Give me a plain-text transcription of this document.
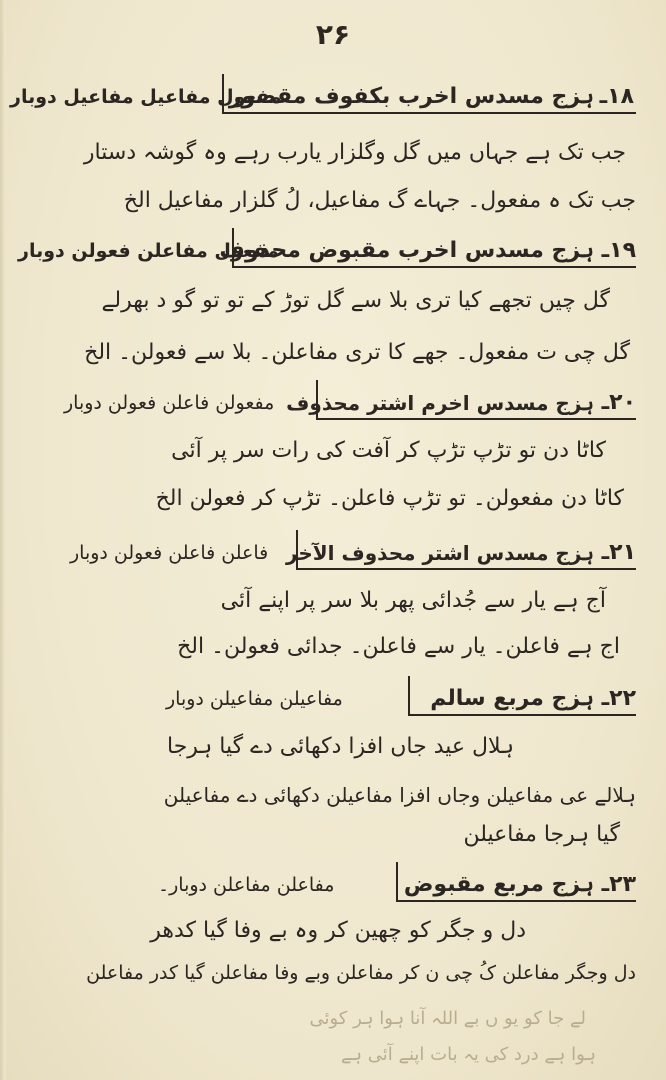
۲۶
۱۸ـ
ہزج مسدس اخرب بکفوف مقصور
مفعول مفاعیل مفاعیل دوبار
جب تک ہے جہاں میں گل وگلزار یارب رہے وہ گوشہ دستار
جب تک ہ مفعول۔ جہاے گ مفاعیل، لُ گلزار مفاعیل الخ
۱۹ـ
ہزج مسدس اخرب مقبوض محذوف
مفعول مفاعلن فعولن دوبار
گل چیں تجھے کیا تری بلا سے گل توڑ کے تو تو گو د بھرلے
گل چی ت مفعول۔ جھے کا تری مفاعلن۔ بلا سے فعولن۔ الخ
۲۰ـ
ہزج مسدس اخرم اشتر محذوف
مفعولن فاعلن فعولن دوبار
کاٹا دن تو تڑپ تڑپ کر آفت کی رات سر پر آئی
کاٹا دن مفعولن۔ تو تڑپ فاعلن۔ تڑپ کر فعولن الخ
۲۱ـ
ہزج مسدس اشتر محذوف الآخر
فاعلن فاعلن فعولن دوبار
آج ہے یار سے جُدائی پھر بلا سر پر اپنے آئی
اج ہے فاعلن۔ یار سے فاعلن۔ جدائی فعولن۔ الخ
۲۲ـ
ہزج مربع سالم
مفاعیلن مفاعیلن دوبار
ہلال عید جاں افزا دکھائی دے گیا ہرجا
ہلالے عی مفاعیلن وجاں افزا مفاعیلن دکھائی دے مفاعیلن
گیا ہرجا مفاعیلن
۲۳ـ
ہزج مربع مقبوض
مفاعلن مفاعلن دوبار۔
دل و جگر کو چھین کر وہ بے وفا گیا کدھر
دل وجگر مفاعلن کُ چی ن کر مفاعلن وبے وفا مفاعلن گیا کدر مفاعلن
لے جا کو یو ں بے اللہ آنا ہوا ہر کوئی
ہوا ہے درد کی یہ بات اپنے آئی ہے
